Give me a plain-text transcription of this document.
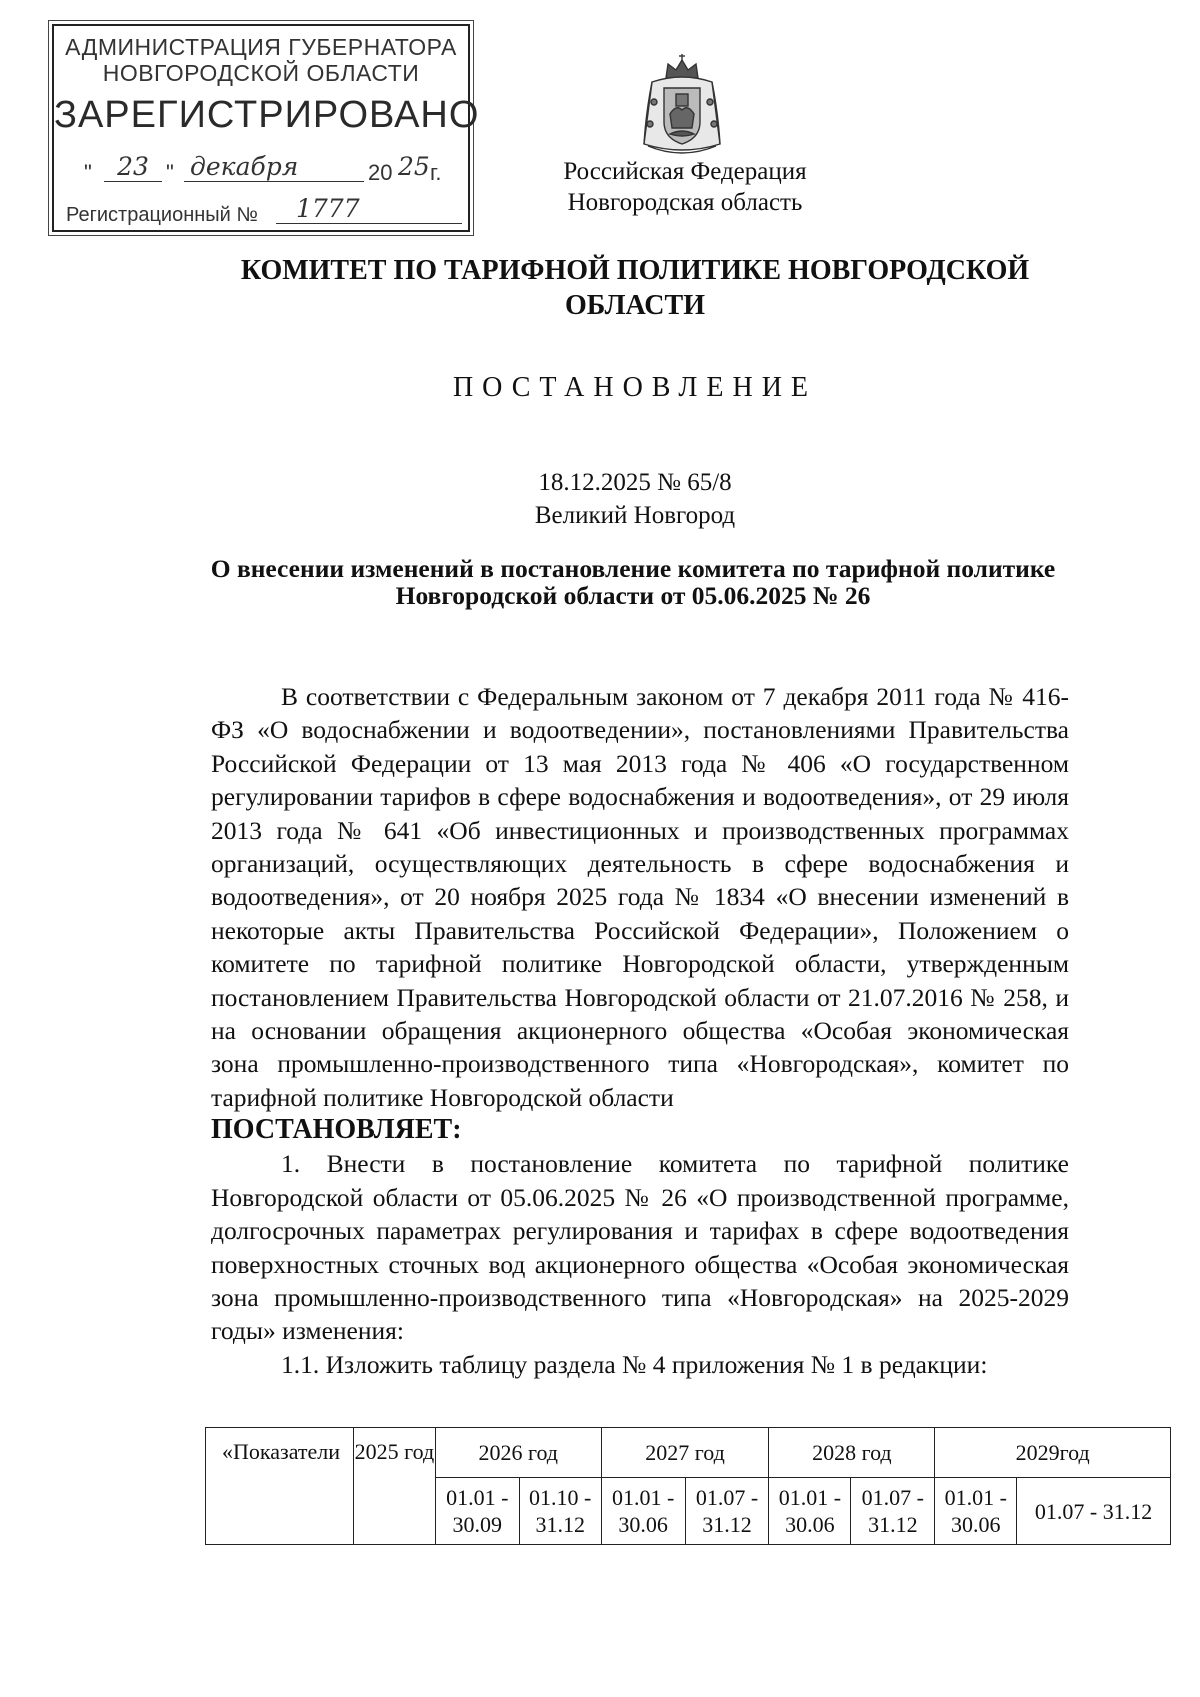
АДМИНИСТРАЦИЯ ГУБЕРНАТОРА
НОВГОРОДСКОЙ ОБЛАСТИ
ЗАРЕГИСТРИРОВАНО
"	23 " декабря	20 25 г.
Регистрационный №	1777
Российская Федерация
Новгородская область
КОМИТЕТ ПО ТАРИФНОЙ ПОЛИТИКЕ НОВГОРОДСКОЙ ОБЛАСТИ
ПОСТАНОВЛЕНИЕ
18.12.2025 № 65/8
Великий Новгород
О внесении изменений в постановление комитета по тарифной политике Новгородской области от 05.06.2025 № 26

В соответствии с Федеральным законом от 7 декабря 2011 года № 416-ФЗ «О водоснабжении и водоотведении», постановлениями Правительства Российской Федерации от 13 мая 2013 года № 406 «О государственном регулировании тарифов в сфере водоснабжения и водоотведения», от 29 июля 2013 года № 641 «Об инвестиционных и производственных программах организаций, осуществляющих деятельность в сфере водоснабжения и водоотведения», от 20 ноября 2025 года № 1834 «О внесении изменений в некоторые акты Правительства Российской Федерации», Положением о комитете по тарифной политике Новгородской области, утвержденным постановлением Правительства Новгородской области от 21.07.2016 № 258, и на основании обращения акционерного общества «Особая экономическая зона промышленно-производственного типа «Новгородская», комитет по тарифной политике Новгородской области

ПОСТАНОВЛЯЕТ:

1. Внести в постановление комитета по тарифной политике Новгородской области от 05.06.2025 № 26 «О производственной программе, долгосрочных параметрах регулирования и тарифах в сфере водоотведения поверхностных сточных вод акционерного общества «Особая экономическая зона промышленно-производственного типа «Новгородская» на 2025-2029 годы» изменения:

1.1. Изложить таблицу раздела № 4 приложения № 1 в редакции:

«Показатели	2025 год	2026 год		2027 год		2028 год		2029год	
		01.01 - 30.09	01.10 - 31.12	01.01 - 30.06	01.07 - 31.12	01.01 - 30.06	01.07 - 31.12	01.01 - 30.06	01.07 - 31.12
